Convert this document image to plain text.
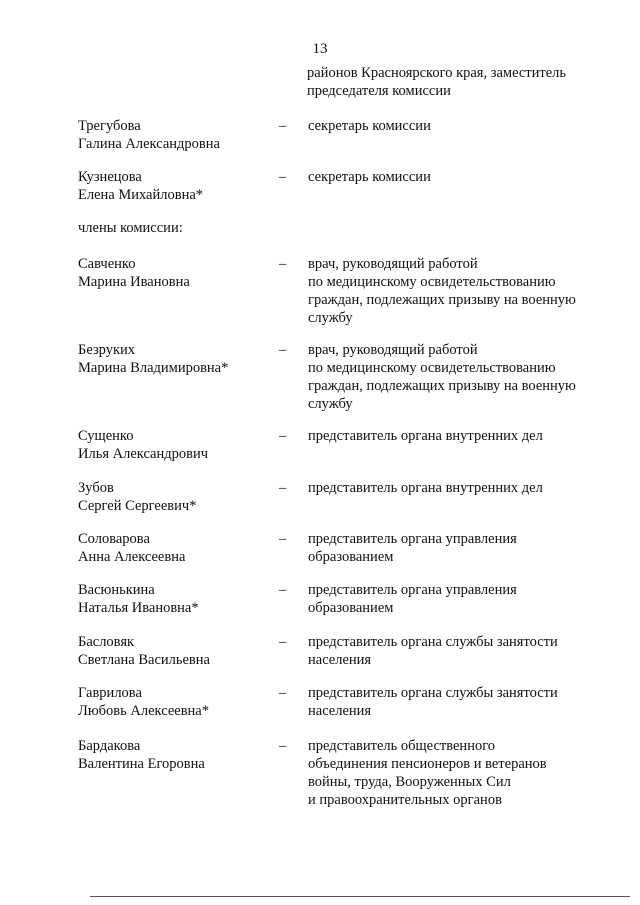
13
районов Красноярского края, заместитель
председателя комиссии
члены комиссии:
Трегубова
Галина Александровна
–	секретарь комиссии
Кузнецова
Елена Михайловна*
–	секретарь комиссии
Савченко
Марина Ивановна
–	врач, руководящий работой
по медицинскому освидетельствованию
граждан, подлежащих призыву на военную
службу
Безруких
Марина Владимировна*
–	врач, руководящий работой
по медицинскому освидетельствованию
граждан, подлежащих призыву на военную
службу
Сущенко
Илья Александрович
–	представитель органа внутренних дел
Зубов
Сергей Сергеевич*
–	представитель органа внутренних дел
Соловарова
Анна Алексеевна
–	представитель органа управления
образованием
Васюнькина
Наталья Ивановна*
–	представитель органа управления
образованием
Басловяк
Светлана Васильевна
–	представитель органа службы занятости
населения
Гаврилова
Любовь Алексеевна*
–	представитель органа службы занятости
населения
Бардакова
Валентина Егоровна
–	представитель общественного
объединения пенсионеров и ветеранов
войны, труда, Вооруженных Сил
и правоохранительных органов
